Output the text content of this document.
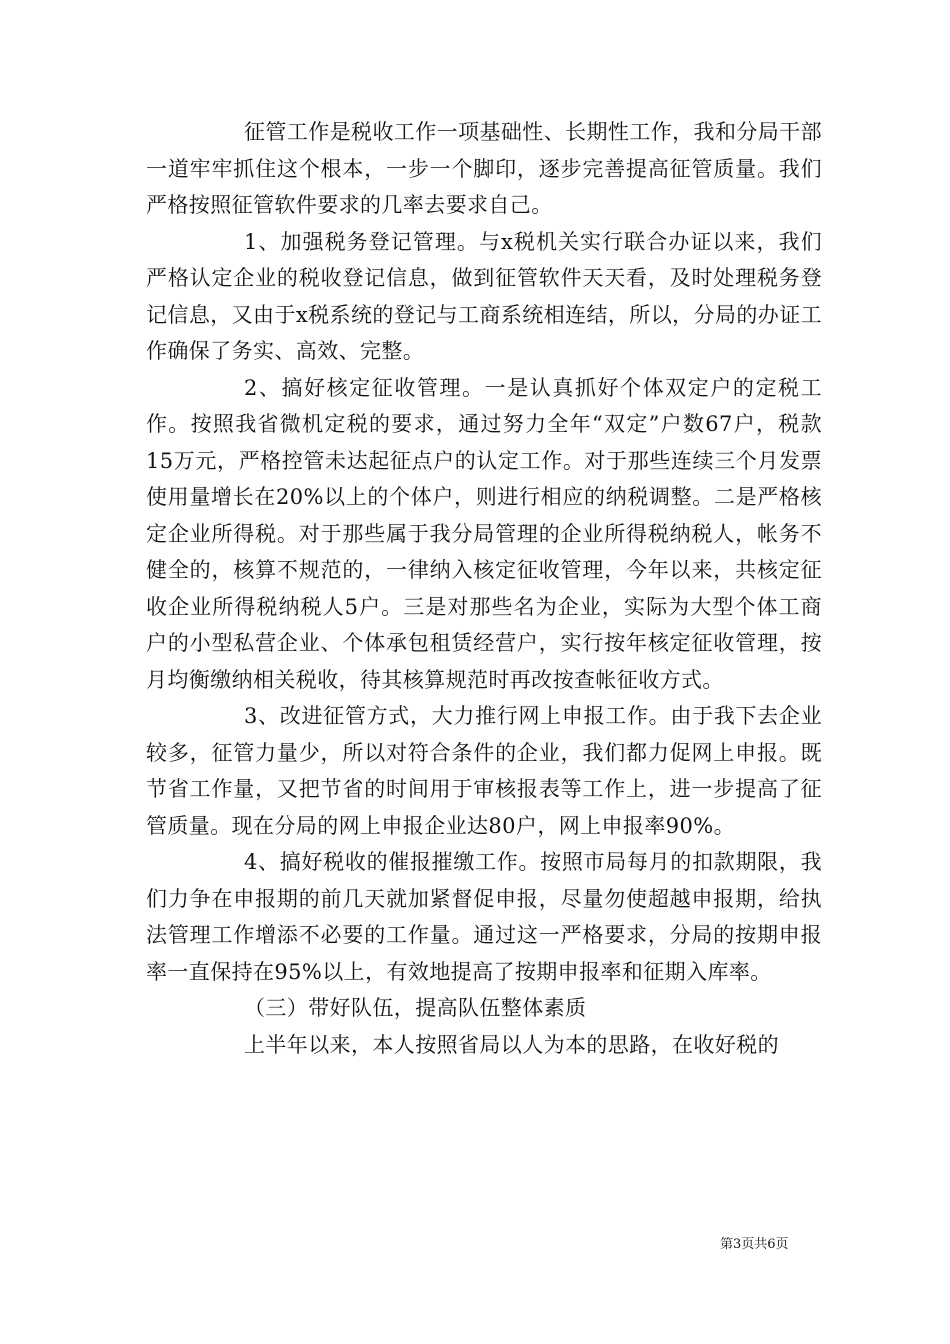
征管工作是税收工作一项基础性、长期性工作，我和分局干部一道牢牢抓住这个根本，一步一个脚印，逐步完善提高征管质量。我们严格按照征管软件要求的几率去要求自己。

1、加强税务登记管理。与x税机关实行联合办证以来，我们严格认定企业的税收登记信息，做到征管软件天天看，及时处理税务登记信息，又由于x税系统的登记与工商系统相连结，所以，分局的办证工作确保了务实、高效、完整。

2、搞好核定征收管理。一是认真抓好个体双定户的定税工作。按照我省微机定税的要求，通过努力全年“双定”户数67户，税款15万元，严格控管未达起征点户的认定工作。对于那些连续三个月发票使用量增长在20%以上的个体户，则进行相应的纳税调整。二是严格核定企业所得税。对于那些属于我分局管理的企业所得税纳税人，帐务不健全的，核算不规范的，一律纳入核定征收管理，今年以来，共核定征收企业所得税纳税人5户。三是对那些名为企业，实际为大型个体工商户的小型私营企业、个体承包租赁经营户，实行按年核定征收管理，按月均衡缴纳相关税收，待其核算规范时再改按查帐征收方式。

3、改进征管方式，大力推行网上申报工作。由于我下去企业较多，征管力量少，所以对符合条件的企业，我们都力促网上申报。既节省工作量，又把节省的时间用于审核报表等工作上，进一步提高了征管质量。现在分局的网上申报企业达80户，网上申报率90%。

4、搞好税收的催报摧缴工作。按照市局每月的扣款期限，我们力争在申报期的前几天就加紧督促申报，尽量勿使超越申报期，给执法管理工作增添不必要的工作量。通过这一严格要求，分局的按期申报率一直保持在95%以上，有效地提高了按期申报率和征期入库率。

（三）带好队伍，提高队伍整体素质

上半年以来，本人按照省局以人为本的思路，在收好税的

第3页共6页
